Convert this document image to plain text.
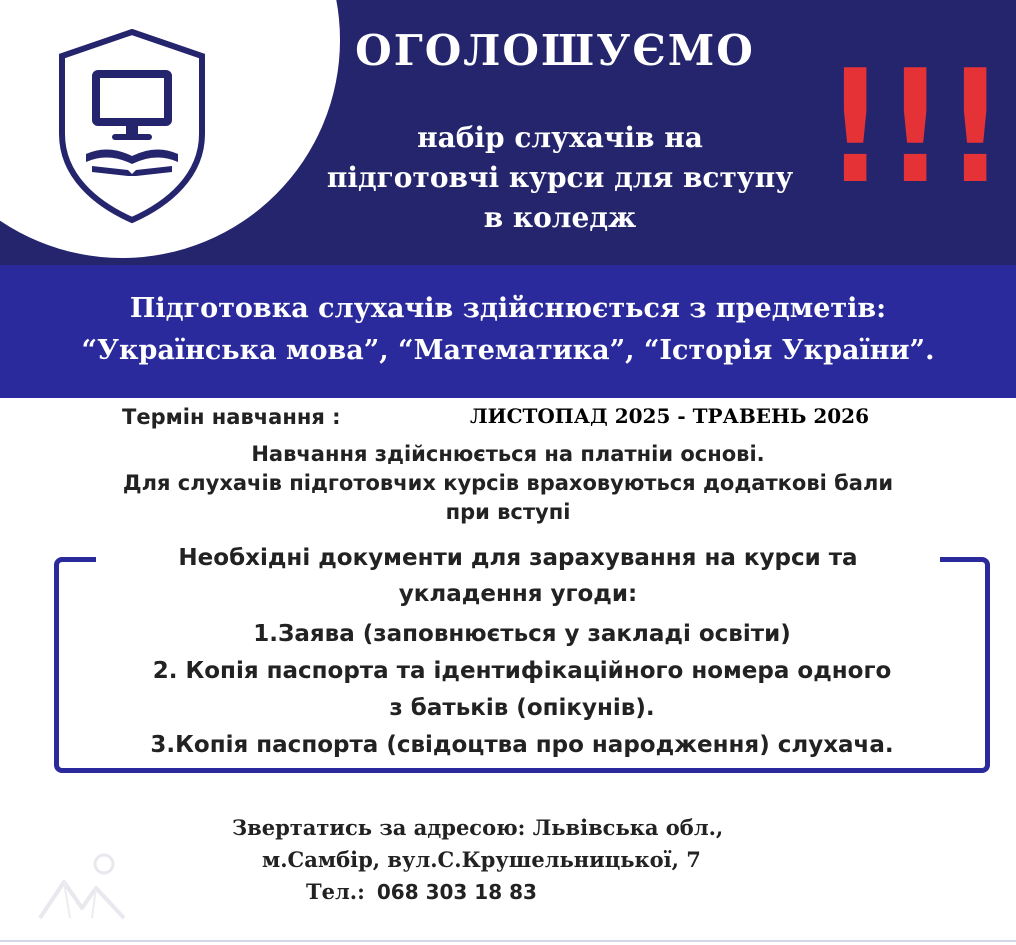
ОГОЛОШУЄМО
набір слухачів на
підготовчі курси для вступу
в коледж	!!!
Підготовка слухачів здійснюється з предметів:
“Українська мова”, “Математика”, “Історія України”.
Термін навчання :	ЛИСТОПАД 2025 - ТРАВЕНЬ 2026
Навчання здійснюється на платніи основі.
Для слухачів підготовчих курсів враховуються додаткові бали
при вступі
Необхідні документи для зарахування на курси та
укладення угоди:
1.Заява (заповнюється у закладі освіти)
2. Копія паспорта та ідентифікаційного номера одного
з батьків (опікунів).
3.Копія паспорта (свідоцтва про народження) слухача.
Звертатись за адресою: Львівська обл.,
м.Самбір, вул.С.Крушельницької, 7
Тел.: 068 303 18 83
